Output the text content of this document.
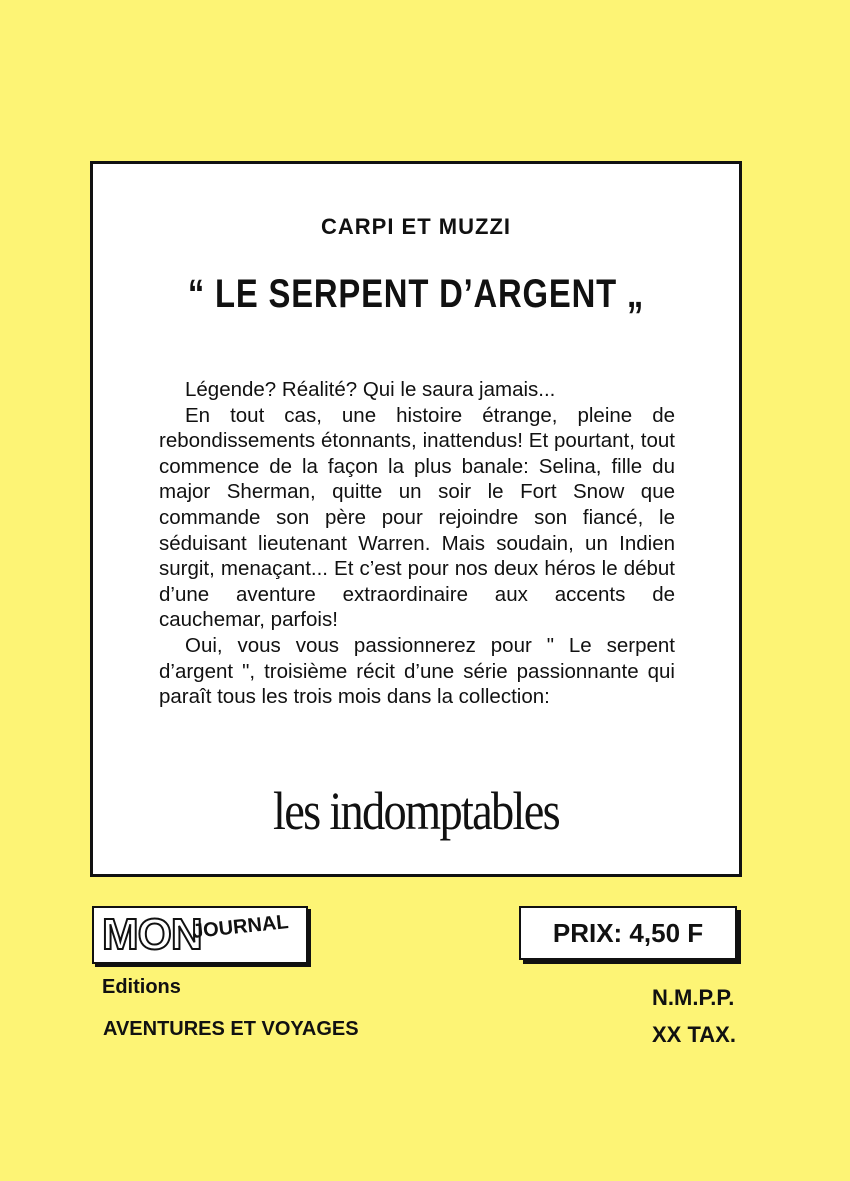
CARPI ET MUZZI
“ LE SERPENT D’ARGENT „

Légende? Réalité? Qui le saura jamais...

En tout cas, une histoire étrange, pleine de rebondissements étonnants, inattendus! Et pourtant, tout commence de la façon la plus banale: Selina, fille du major Sherman, quitte un soir le Fort Snow que commande son père pour rejoindre son fiancé, le séduisant lieutenant Warren. Mais soudain, un Indien surgit, menaçant... Et c’est pour nos deux héros le début d’une aventure extraordinaire aux accents de cauchemar, parfois!

Oui, vous vous passionnerez pour " Le serpent d’argent ", troisième récit d’une série passionnante qui paraît tous les trois mois dans la collection:

les indomptables
MON
JOURNAL	PRIX: 4,50 F
Editions
AVENTURES ET VOYAGES
N.M.P.P.
XX TAX.
